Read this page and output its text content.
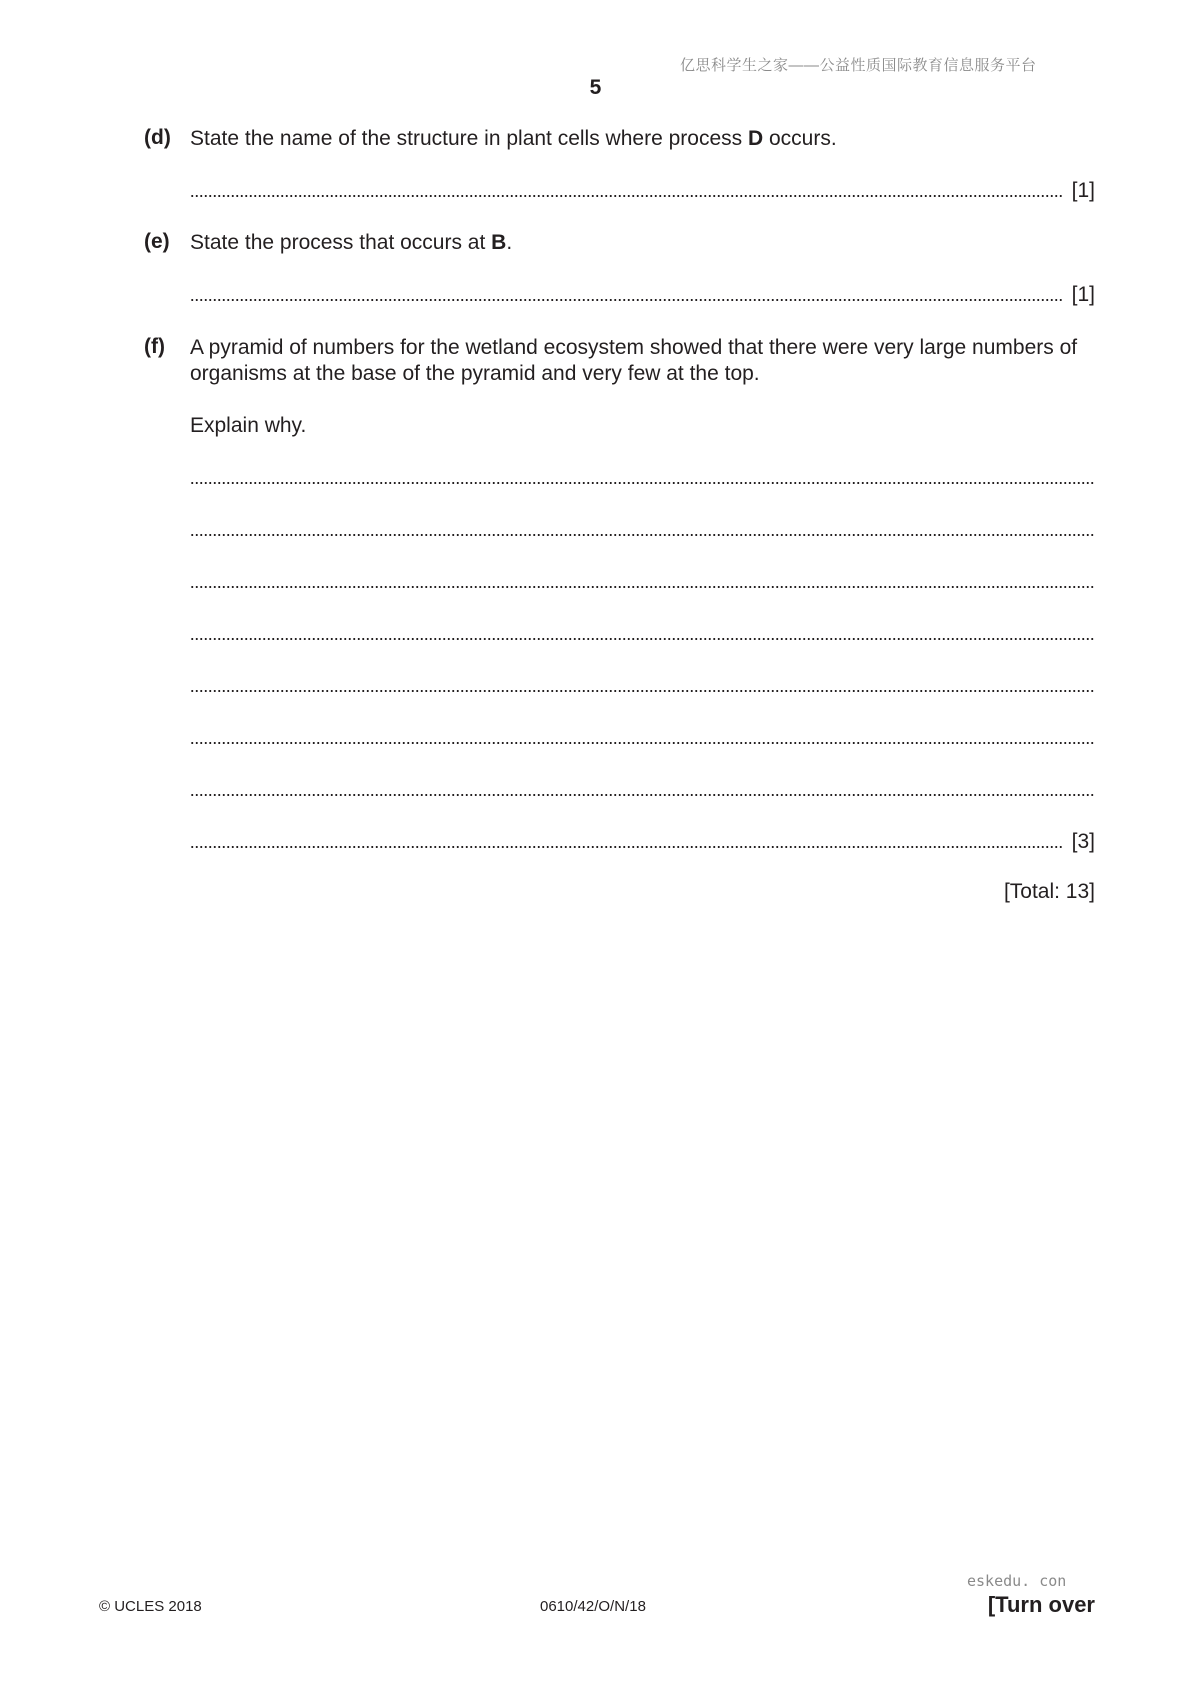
亿思科学生之家——公益性质国际教育信息服务平台
5
(d) State the name of the structure in plant cells where process D occurs.
[1]
(e) State the process that occurs at B.
[1]
(f) A pyramid of numbers for the wetland ecosystem showed that there were very large numbers of organisms at the base of the pyramid and very few at the top.
Explain why.
[3]
[Total: 13]
© UCLES 2018	0610/42/O/N/18
eskedu. con
[Turn over
